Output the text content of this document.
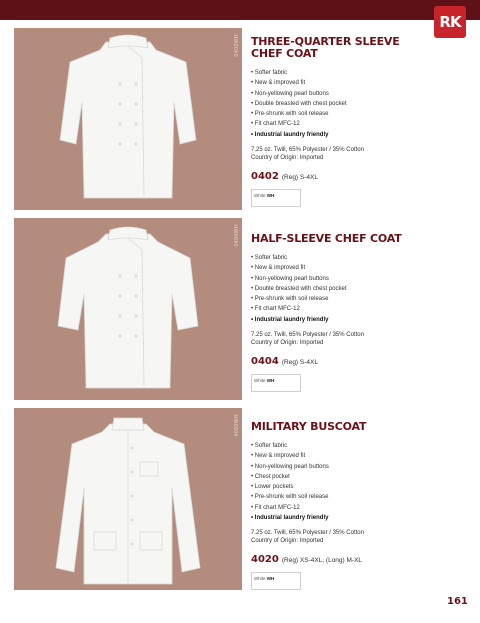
RK
0402WH THREE-QUARTER SLEEVE
CHEF COAT
• Softer fabric
• New & improved fit
• Non-yellowing pearl buttons
• Double breasted with chest pocket
• Pre-shrunk with soil release
• Fit chart MFC-12
• Industrial laundry friendly
7.25 oz. Twill, 65% Polyester / 35% Cotton
Country of Origin: Imported
0402 (Reg) S-4XL
White WH
0404WH HALF-SLEEVE CHEF COAT
• Softer fabric
• New & improved fit
• Non-yellowing pearl buttons
• Double breasted with chest pocket
• Pre-shrunk with soil release
• Fit chart MFC-12
• Industrial laundry friendly
7.25 oz. Twill, 65% Polyester / 35% Cotton
Country of Origin: Imported
0404 (Reg) S-4XL
White WH
4020WH MILITARY BUSCOAT
• Softer fabric
• New & improved fit
• Non-yellowing pearl buttons
• Chest pocket
• Lower pockets
• Pre-shrunk with soil release
• Fit chart MFC-12
• Industrial laundry friendly
7.25 oz. Twill, 65% Polyester / 35% Cotton
Country of Origin: Imported
4020 (Reg) XS-4XL, (Long) M-XL
White WH
161
